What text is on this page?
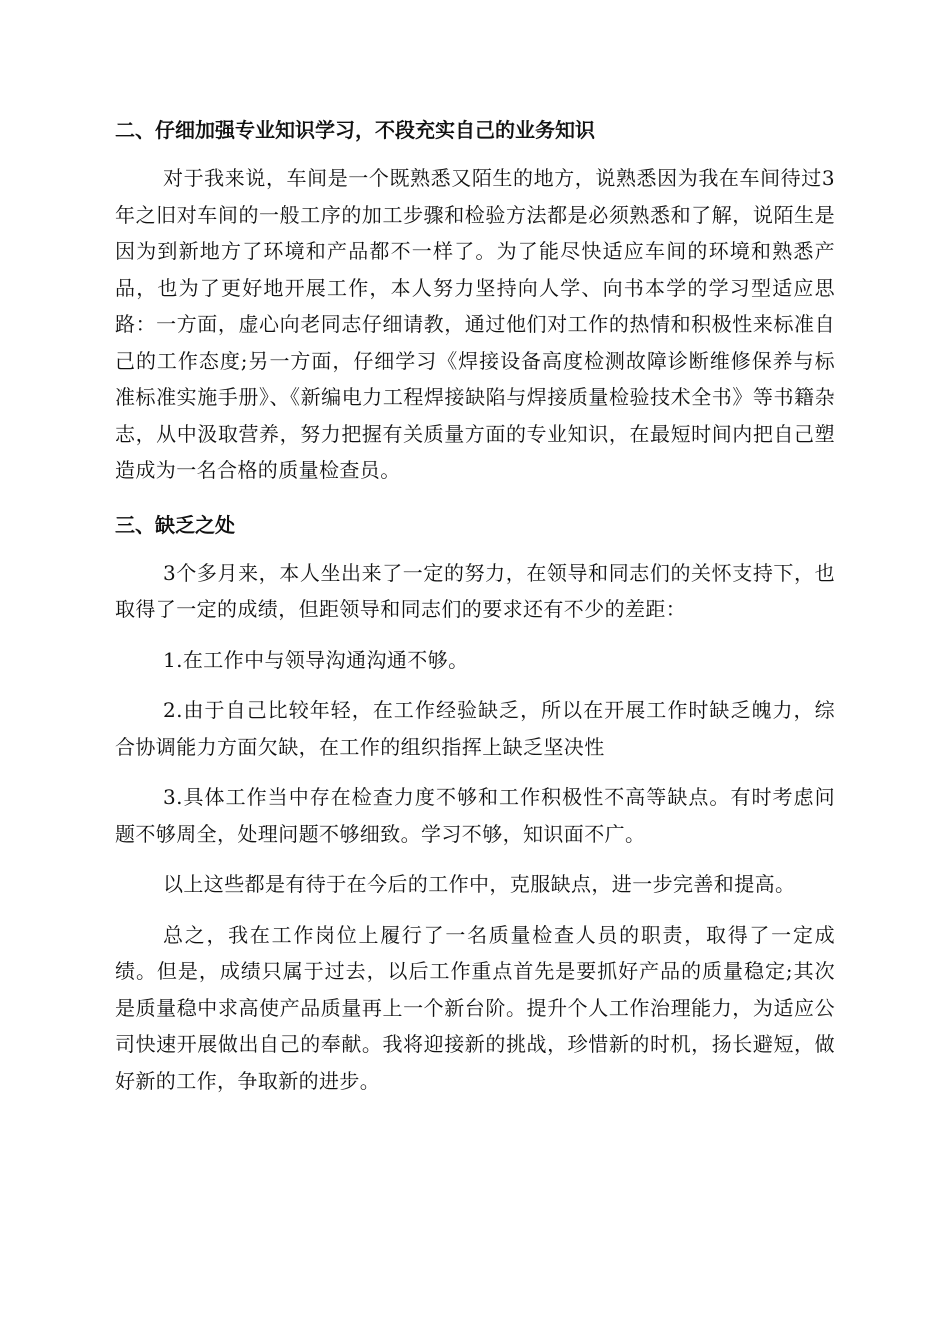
二、仔细加强专业知识学习，不段充实自己的业务知识

对于我来说，车间是一个既熟悉又陌生的地方，说熟悉因为我在车间待过3年之旧对车间的一般工序的加工步骤和检验方法都是必须熟悉和了解，说陌生是因为到新地方了环境和产品都不一样了。为了能尽快适应车间的环境和熟悉产品，也为了更好地开展工作，本人努力坚持向人学、向书本学的学习型适应思路：一方面，虚心向老同志仔细请教，通过他们对工作的热情和积极性来标准自己的工作态度;另一方面，仔细学习《焊接设备高度检测故障诊断维修保养与标准标准实施手册》、《新编电力工程焊接缺陷与焊接质量检验技术全书》等书籍杂志，从中汲取营养，努力把握有关质量方面的专业知识，在最短时间内把自己塑造成为一名合格的质量检查员。

三、缺乏之处

3个多月来，本人坐出来了一定的努力，在领导和同志们的关怀支持下，也取得了一定的成绩，但距领导和同志们的要求还有不少的差距：

1.在工作中与领导沟通沟通不够。

2.由于自己比较年轻，在工作经验缺乏，所以在开展工作时缺乏魄力，综合协调能力方面欠缺，在工作的组织指挥上缺乏坚决性

3.具体工作当中存在检查力度不够和工作积极性不高等缺点。有时考虑问题不够周全，处理问题不够细致。学习不够，知识面不广。

以上这些都是有待于在今后的工作中，克服缺点，进一步完善和提高。

总之，我在工作岗位上履行了一名质量检查人员的职责，取得了一定成绩。但是，成绩只属于过去，以后工作重点首先是要抓好产品的质量稳定;其次是质量稳中求高使产品质量再上一个新台阶。提升个人工作治理能力，为适应公司快速开展做出自己的奉献。我将迎接新的挑战，珍惜新的时机，扬长避短，做好新的工作，争取新的进步。
